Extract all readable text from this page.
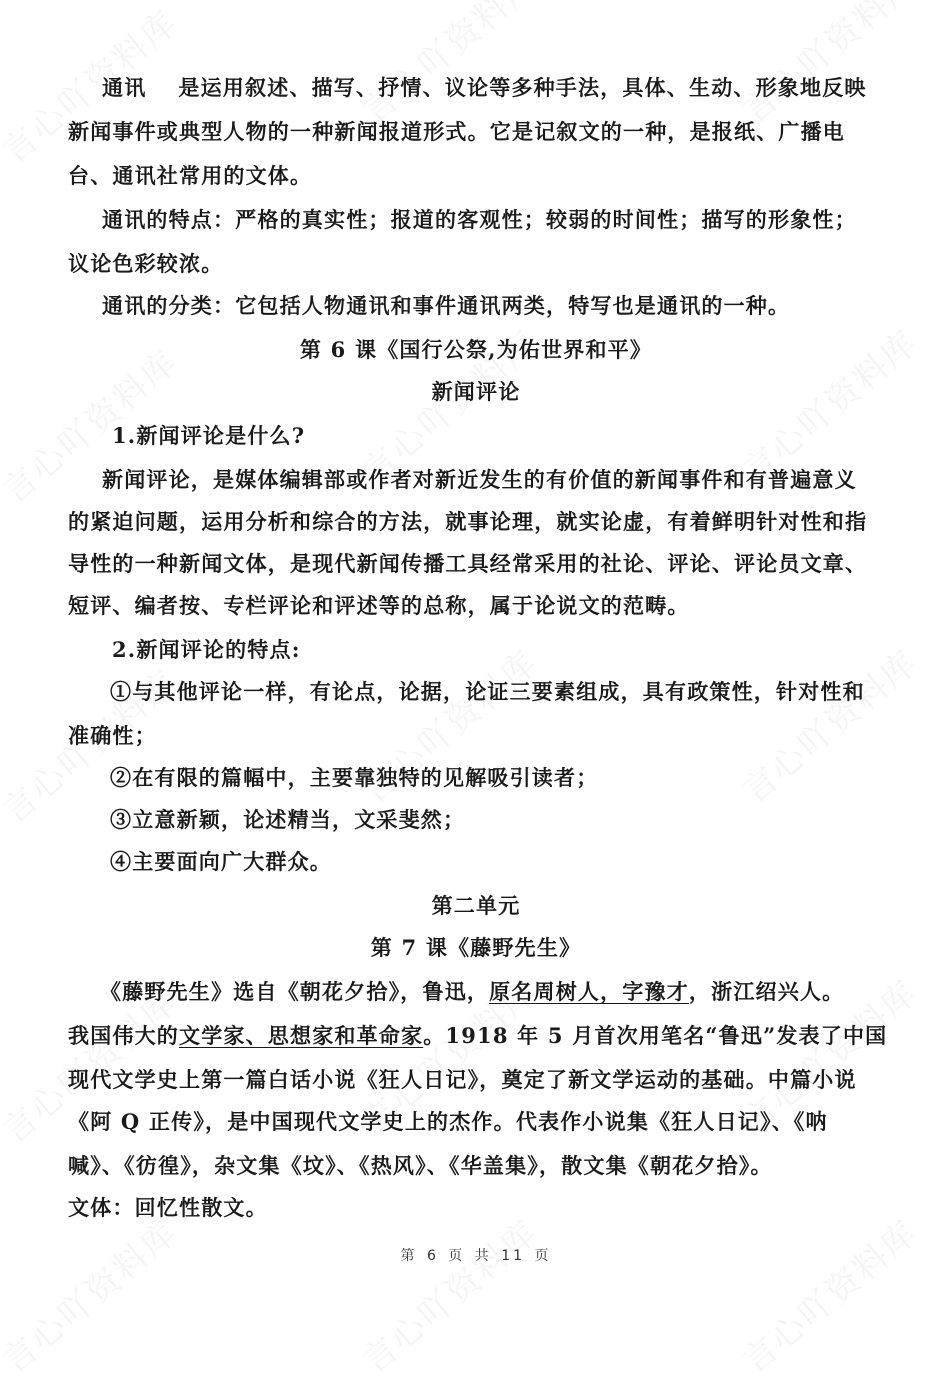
通讯 是运用叙述、描写、抒情、议论等多种手法，具体、生动、形象地反映
新闻事件或典型人物的一种新闻报道形式。它是记叙文的一种，是报纸、广播电
台、通讯社常用的文体。
通讯的特点：严格的真实性；报道的客观性；较弱的时间性；描写的形象性；
议论色彩较浓。
通讯的分类：它包括人物通讯和事件通讯两类，特写也是通讯的一种。
第 6 课《国行公祭,为佑世界和平》
新闻评论
1.新闻评论是什么?
新闻评论，是媒体编辑部或作者对新近发生的有价值的新闻事件和有普遍意义
的紧迫问题，运用分析和综合的方法，就事论理，就实论虚，有着鲜明针对性和指
导性的一种新闻文体，是现代新闻传播工具经常采用的社论、评论、评论员文章、
短评、编者按、专栏评论和评述等的总称，属于论说文的范畴。
2.新闻评论的特点:
①与其他评论一样，有论点，论据，论证三要素组成，具有政策性，针对性和
准确性；
②在有限的篇幅中，主要靠独特的见解吸引读者；
③立意新颖，论述精当，文采斐然；
④主要面向广大群众。
第二单元
第 7 课《藤野先生》
《藤野先生》选自《朝花夕拾》，鲁迅，原名周树人，字豫才，浙江绍兴人。
我国伟大的文学家、思想家和革命家。1918 年 5 月首次用笔名“鲁迅”发表了中国
现代文学史上第一篇白话小说《狂人日记》，奠定了新文学运动的基础。中篇小说
《阿 Q 正传》，是中国现代文学史上的杰作。代表作小说集《狂人日记》、《呐
喊》、《彷徨》，杂文集《坟》、《热风》、《华盖集》，散文集《朝花夕拾》。
文体：回忆性散文。
第 6 页 共 11 页
